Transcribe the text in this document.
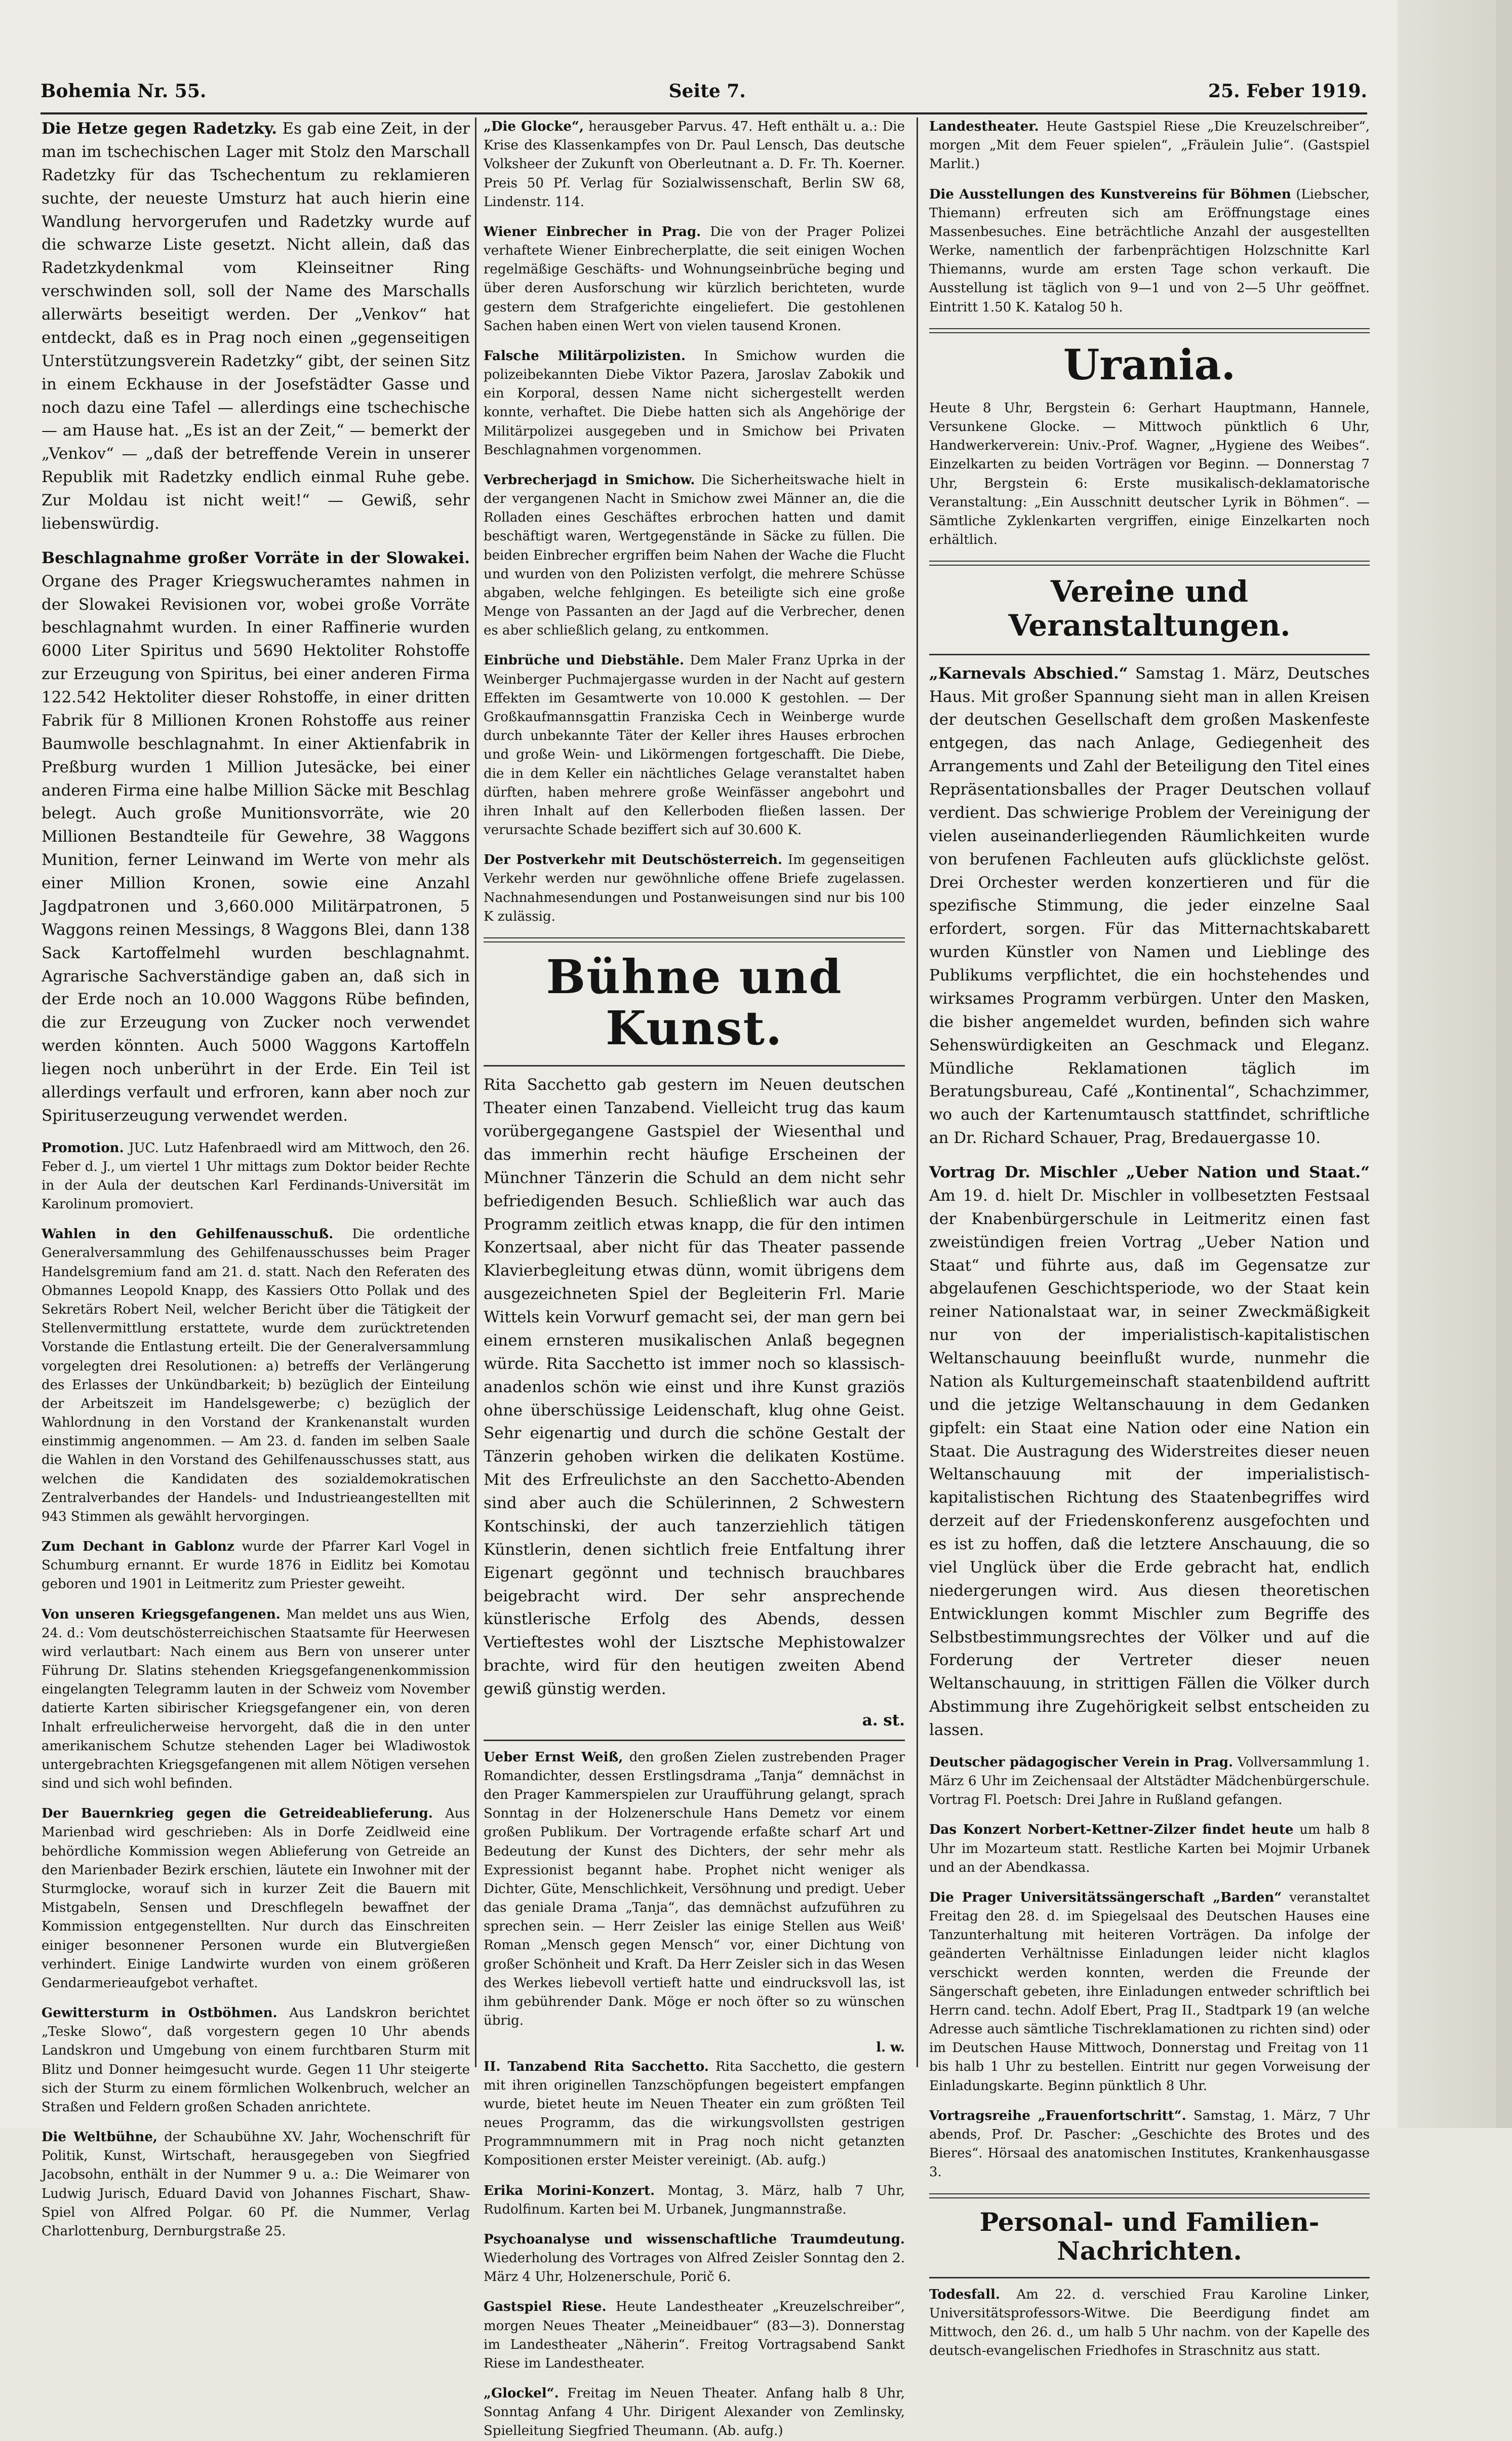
Bohemia Nr. 55.	Seite 7.	25. Feber 1919.

Die Hetze gegen Radetzky. Es gab eine Zeit, in der man im tschechischen Lager mit Stolz den Marschall Radetzky für das Tschechentum zu reklamieren suchte, der neueste Umsturz hat auch hierin eine Wandlung hervorgerufen und Radetzky wurde auf die schwarze Liste gesetzt. Nicht allein, daß das Radetzkydenkmal vom Kleinseitner Ring verschwinden soll, soll der Name des Marschalls allerwärts beseitigt werden. Der „Venkov“ hat entdeckt, daß es in Prag noch einen „gegenseitigen Unterstützungsverein Radetzky“ gibt, der seinen Sitz in einem Eckhause in der Josefstädter Gasse und noch dazu eine Tafel — allerdings eine tschechische — am Hause hat. „Es ist an der Zeit,“ — bemerkt der „Venkov“ — „daß der betreffende Verein in unserer Republik mit Radetzky endlich einmal Ruhe gebe. Zur Moldau ist nicht weit!“ — Gewiß, sehr liebenswürdig.

Beschlagnahme großer Vorräte in der Slowakei. Organe des Prager Kriegswucheramtes nahmen in der Slowakei Revisionen vor, wobei große Vorräte beschlagnahmt wurden. In einer Raffinerie wurden 6000 Liter Spiritus und 5690 Hektoliter Rohstoffe zur Erzeugung von Spiritus, bei einer anderen Firma 122.542 Hektoliter dieser Rohstoffe, in einer dritten Fabrik für 8 Millionen Kronen Rohstoffe aus reiner Baumwolle beschlagnahmt. In einer Aktienfabrik in Preßburg wurden 1 Million Jutesäcke, bei einer anderen Firma eine halbe Million Säcke mit Beschlag belegt. Auch große Munitionsvorräte, wie 20 Millionen Bestandteile für Gewehre, 38 Waggons Munition, ferner Leinwand im Werte von mehr als einer Million Kronen, sowie eine Anzahl Jagdpatronen und 3,660.000 Militärpatronen, 5 Waggons reinen Messings, 8 Waggons Blei, dann 138 Sack Kartoffelmehl wurden beschlagnahmt. Agrarische Sachverständige gaben an, daß sich in der Erde noch an 10.000 Waggons Rübe befinden, die zur Erzeugung von Zucker noch verwendet werden könnten. Auch 5000 Waggons Kartoffeln liegen noch unberührt in der Erde. Ein Teil ist allerdings verfault und erfroren, kann aber noch zur Spirituserzeugung verwendet werden.

Promotion. JUC. Lutz Hafenbraedl wird am Mittwoch, den 26. Feber d. J., um viertel 1 Uhr mittags zum Doktor beider Rechte in der Aula der deutschen Karl Ferdinands-Universität im Karolinum promoviert.

Wahlen in den Gehilfenausschuß. Die ordentliche Generalversammlung des Gehilfenausschusses beim Prager Handelsgremium fand am 21. d. statt. Nach den Referaten des Obmannes Leopold Knapp, des Kassiers Otto Pollak und des Sekretärs Robert Neil, welcher Bericht über die Tätigkeit der Stellenvermittlung erstattete, wurde dem zurücktretenden Vorstande die Entlastung erteilt. Die der Generalversammlung vorgelegten drei Resolutionen: a) betreffs der Verlängerung des Erlasses der Unkündbarkeit; b) bezüglich der Einteilung der Arbeitszeit im Handelsgewerbe; c) bezüglich der Wahlordnung in den Vorstand der Krankenanstalt wurden einstimmig angenommen. — Am 23. d. fanden im selben Saale die Wahlen in den Vorstand des Gehilfenausschusses statt, aus welchen die Kandidaten des sozialdemokratischen Zentralverbandes der Handels- und Industrieangestellten mit 943 Stimmen als gewählt hervorgingen.

Zum Dechant in Gablonz wurde der Pfarrer Karl Vogel in Schumburg ernannt. Er wurde 1876 in Eidlitz bei Komotau geboren und 1901 in Leitmeritz zum Priester geweiht.

Von unseren Kriegsgefangenen. Man meldet uns aus Wien, 24. d.: Vom deutschösterreichischen Staatsamte für Heerwesen wird verlautbart: Nach einem aus Bern von unserer unter Führung Dr. Slatins stehenden Kriegsgefangenenkommission eingelangten Telegramm lauten in der Schweiz vom November datierte Karten sibirischer Kriegsgefangener ein, von deren Inhalt erfreulicherweise hervorgeht, daß die in den unter amerikanischem Schutze stehenden Lager bei Wladiwostok untergebrachten Kriegsgefangenen mit allem Nötigen versehen sind und sich wohl befinden.

Der Bauernkrieg gegen die Getreideablieferung. Aus Marienbad wird geschrieben: Als in Dorfe Zeidlweid eine behördliche Kommission wegen Ablieferung von Getreide an den Marienbader Bezirk erschien, läutete ein Inwohner mit der Sturmglocke, worauf sich in kurzer Zeit die Bauern mit Mistgabeln, Sensen und Dreschflegeln bewaffnet der Kommission entgegenstellten. Nur durch das Einschreiten einiger besonnener Personen wurde ein Blutvergießen verhindert. Einige Landwirte wurden von einem größeren Gendarmerieaufgebot verhaftet.

Gewittersturm in Ostböhmen. Aus Landskron berichtet „Teske Slowo“, daß vorgestern gegen 10 Uhr abends Landskron und Umgebung von einem furchtbaren Sturm mit Blitz und Donner heimgesucht wurde. Gegen 11 Uhr steigerte sich der Sturm zu einem förmlichen Wolkenbruch, welcher an Straßen und Feldern großen Schaden anrichtete.

Die Weltbühne, der Schaubühne XV. Jahr, Wochenschrift für Politik, Kunst, Wirtschaft, herausgegeben von Siegfried Jacobsohn, enthält in der Nummer 9 u. a.: Die Weimarer von Ludwig Jurisch, Eduard David von Johannes Fischart, Shaw-Spiel von Alfred Polgar. 60 Pf. die Nummer, Verlag Charlottenburg, Dernburgstraße 25.

„Die Glocke“, herausgeber Parvus. 47. Heft enthält u. a.: Die Krise des Klassenkampfes von Dr. Paul Lensch, Das deutsche Volksheer der Zukunft von Oberleutnant a. D. Fr. Th. Koerner. Preis 50 Pf. Verlag für Sozialwissenschaft, Berlin SW 68, Lindenstr. 114.

Wiener Einbrecher in Prag. Die von der Prager Polizei verhaftete Wiener Einbrecherplatte, die seit einigen Wochen regelmäßige Geschäfts- und Wohnungseinbrüche beging und über deren Ausforschung wir kürzlich berichteten, wurde gestern dem Strafgerichte eingeliefert. Die gestohlenen Sachen haben einen Wert von vielen tausend Kronen.

Falsche Militärpolizisten. In Smichow wurden die polizeibekannten Diebe Viktor Pazera, Jaroslav Zabokik und ein Korporal, dessen Name nicht sichergestellt werden konnte, verhaftet. Die Diebe hatten sich als Angehörige der Militärpolizei ausgegeben und in Smichow bei Privaten Beschlagnahmen vorgenommen.

Verbrecherjagd in Smichow. Die Sicherheitswache hielt in der vergangenen Nacht in Smichow zwei Männer an, die die Rolladen eines Geschäftes erbrochen hatten und damit beschäftigt waren, Wertgegenstände in Säcke zu füllen. Die beiden Einbrecher ergriffen beim Nahen der Wache die Flucht und wurden von den Polizisten verfolgt, die mehrere Schüsse abgaben, welche fehlgingen. Es beteiligte sich eine große Menge von Passanten an der Jagd auf die Verbrecher, denen es aber schließlich gelang, zu entkommen.

Einbrüche und Diebstähle. Dem Maler Franz Uprka in der Weinberger Puchmajergasse wurden in der Nacht auf gestern Effekten im Gesamtwerte von 10.000 K gestohlen. — Der Großkaufmannsgattin Franziska Cech in Weinberge wurde durch unbekannte Täter der Keller ihres Hauses erbrochen und große Wein- und Likörmengen fortgeschafft. Die Diebe, die in dem Keller ein nächtliches Gelage veranstaltet haben dürften, haben mehrere große Weinfässer angebohrt und ihren Inhalt auf den Kellerboden fließen lassen. Der verursachte Schade beziffert sich auf 30.600 K.

Der Postverkehr mit Deutschösterreich. Im gegenseitigen Verkehr werden nur gewöhnliche offene Briefe zugelassen. Nachnahmesendungen und Postanweisungen sind nur bis 100 K zulässig.

Bühne und Kunst.

Rita Sacchetto gab gestern im Neuen deutschen Theater einen Tanzabend. Vielleicht trug das kaum vorübergegangene Gastspiel der Wiesenthal und das immerhin recht häufige Erscheinen der Münchner Tänzerin die Schuld an dem nicht sehr befriedigenden Besuch. Schließlich war auch das Programm zeitlich etwas knapp, die für den intimen Konzertsaal, aber nicht für das Theater passende Klavierbegleitung etwas dünn, womit übrigens dem ausgezeichneten Spiel der Begleiterin Frl. Marie Wittels kein Vorwurf gemacht sei, der man gern bei einem ernsteren musikalischen Anlaß begegnen würde. Rita Sacchetto ist immer noch so klassisch-anadenlos schön wie einst und ihre Kunst graziös ohne überschüssige Leidenschaft, klug ohne Geist. Sehr eigenartig und durch die schöne Gestalt der Tänzerin gehoben wirken die delikaten Kostüme. Mit des Erfreulichste an den Sacchetto-Abenden sind aber auch die Schülerinnen, 2 Schwestern Kontschinski, der auch tanzerziehlich tätigen Künstlerin, denen sichtlich freie Entfaltung ihrer Eigenart gegönnt und technisch brauchbares beigebracht wird. Der sehr ansprechende künstlerische Erfolg des Abends, dessen Vertieftestes wohl der Lisztsche Mephistowalzer brachte, wird für den heutigen zweiten Abend gewiß günstig werden.

a. st.

Ueber Ernst Weiß, den großen Zielen zustrebenden Prager Romandichter, dessen Erstlingsdrama „Tanja“ demnächst in den Prager Kammerspielen zur Uraufführung gelangt, sprach Sonntag in der Holzenerschule Hans Demetz vor einem großen Publikum. Der Vortragende erfaßte scharf Art und Bedeutung der Kunst des Dichters, der sehr mehr als Expressionist begannt habe. Prophet nicht weniger als Dichter, Güte, Menschlichkeit, Versöhnung und predigt. Ueber das geniale Drama „Tanja“, das demnächst aufzuführen zu sprechen sein. — Herr Zeisler las einige Stellen aus Weiß' Roman „Mensch gegen Mensch“ vor, einer Dichtung von großer Schönheit und Kraft. Da Herr Zeisler sich in das Wesen des Werkes liebevoll vertieft hatte und eindrucksvoll las, ist ihm gebührender Dank. Möge er noch öfter so zu wünschen übrig.

l. w.

II. Tanzabend Rita Sacchetto. Rita Sacchetto, die gestern mit ihren originellen Tanzschöpfungen begeistert empfangen wurde, bietet heute im Neuen Theater ein zum größten Teil neues Programm, das die wirkungsvollsten gestrigen Programmnummern mit in Prag noch nicht getanzten Kompositionen erster Meister vereinigt. (Ab. aufg.)

Erika Morini-Konzert. Montag, 3. März, halb 7 Uhr, Rudolfinum. Karten bei M. Urbanek, Jungmannstraße.

Psychoanalyse und wissenschaftliche Traumdeutung. Wiederholung des Vortrages von Alfred Zeisler Sonntag den 2. März 4 Uhr, Holzenerschule, Porič 6.

Gastspiel Riese. Heute Landestheater „Kreuzelschreiber“, morgen Neues Theater „Meineidbauer“ (83—3). Donnerstag im Landestheater „Näherin“. Freitog Vortragsabend Sankt Riese im Landestheater.

„Glockel“. Freitag im Neuen Theater. Anfang halb 8 Uhr, Sonntag Anfang 4 Uhr. Dirigent Alexander von Zemlinsky, Spielleitung Siegfried Theumann. (Ab. aufg.)

Landestheater. Heute Gastspiel Riese „Die Kreuzelschreiber“, morgen „Mit dem Feuer spielen“, „Fräulein Julie“. (Gastspiel Marlit.)

Die Ausstellungen des Kunstvereins für Böhmen (Liebscher, Thiemann) erfreuten sich am Eröffnungstage eines Massenbesuches. Eine beträchtliche Anzahl der ausgestellten Werke, namentlich der farbenprächtigen Holzschnitte Karl Thiemanns, wurde am ersten Tage schon verkauft. Die Ausstellung ist täglich von 9—1 und von 2—5 Uhr geöffnet. Eintritt 1.50 K. Katalog 50 h.

Urania.

Heute 8 Uhr, Bergstein 6: Gerhart Hauptmann, Hannele, Versunkene Glocke. — Mittwoch pünktlich 6 Uhr, Handwerkerverein: Univ.-Prof. Wagner, „Hygiene des Weibes“. Einzelkarten zu beiden Vorträgen vor Beginn. — Donnerstag 7 Uhr, Bergstein 6: Erste musikalisch-deklamatorische Veranstaltung: „Ein Ausschnitt deutscher Lyrik in Böhmen“. — Sämtliche Zyklenkarten vergriffen, einige Einzelkarten noch erhältlich.

Vereine und Veranstaltungen.

„Karnevals Abschied.“ Samstag 1. März, Deutsches Haus. Mit großer Spannung sieht man in allen Kreisen der deutschen Gesellschaft dem großen Maskenfeste entgegen, das nach Anlage, Gediegenheit des Arrangements und Zahl der Beteiligung den Titel eines Repräsentationsballes der Prager Deutschen vollauf verdient. Das schwierige Problem der Vereinigung der vielen auseinanderliegenden Räumlichkeiten wurde von berufenen Fachleuten aufs glücklichste gelöst. Drei Orchester werden konzertieren und für die spezifische Stimmung, die jeder einzelne Saal erfordert, sorgen. Für das Mitternachtskabarett wurden Künstler von Namen und Lieblinge des Publikums verpflichtet, die ein hochstehendes und wirksames Programm verbürgen. Unter den Masken, die bisher angemeldet wurden, befinden sich wahre Sehenswürdigkeiten an Geschmack und Eleganz. Mündliche Reklamationen täglich im Beratungsbureau, Café „Kontinental“, Schachzimmer, wo auch der Kartenumtausch stattfindet, schriftliche an Dr. Richard Schauer, Prag, Bredauergasse 10.

Vortrag Dr. Mischler „Ueber Nation und Staat.“ Am 19. d. hielt Dr. Mischler in vollbesetzten Festsaal der Knabenbürgerschule in Leitmeritz einen fast zweistündigen freien Vortrag „Ueber Nation und Staat“ und führte aus, daß im Gegensatze zur abgelaufenen Geschichtsperiode, wo der Staat kein reiner Nationalstaat war, in seiner Zweckmäßigkeit nur von der imperialistisch-kapitalistischen Weltanschauung beeinflußt wurde, nunmehr die Nation als Kulturgemeinschaft staatenbildend auftritt und die jetzige Weltanschauung in dem Gedanken gipfelt: ein Staat eine Nation oder eine Nation ein Staat. Die Austragung des Widerstreites dieser neuen Weltanschauung mit der imperialistisch-kapitalistischen Richtung des Staatenbegriffes wird derzeit auf der Friedenskonferenz ausgefochten und es ist zu hoffen, daß die letztere Anschauung, die so viel Unglück über die Erde gebracht hat, endlich niedergerungen wird. Aus diesen theoretischen Entwicklungen kommt Mischler zum Begriffe des Selbstbestimmungsrechtes der Völker und auf die Forderung der Vertreter dieser neuen Weltanschauung, in strittigen Fällen die Völker durch Abstimmung ihre Zugehörigkeit selbst entscheiden zu lassen.

Deutscher pädagogischer Verein in Prag. Vollversammlung 1. März 6 Uhr im Zeichensaal der Altstädter Mädchenbürgerschule. Vortrag Fl. Poetsch: Drei Jahre in Rußland gefangen.

Das Konzert Norbert-Kettner-Zilzer findet heute um halb 8 Uhr im Mozarteum statt. Restliche Karten bei Mojmir Urbanek und an der Abendkassa.

Die Prager Universitätssängerschaft „Barden“ veranstaltet Freitag den 28. d. im Spiegelsaal des Deutschen Hauses eine Tanzunterhaltung mit heiteren Vorträgen. Da infolge der geänderten Verhältnisse Einladungen leider nicht klaglos verschickt werden konnten, werden die Freunde der Sängerschaft gebeten, ihre Einladungen entweder schriftlich bei Herrn cand. techn. Adolf Ebert, Prag II., Stadtpark 19 (an welche Adresse auch sämtliche Tischreklamationen zu richten sind) oder im Deutschen Hause Mittwoch, Donnerstag und Freitag von 11 bis halb 1 Uhr zu bestellen. Eintritt nur gegen Vorweisung der Einladungskarte. Beginn pünktlich 8 Uhr.

Vortragsreihe „Frauenfortschritt“. Samstag, 1. März, 7 Uhr abends, Prof. Dr. Pascher: „Geschichte des Brotes und des Bieres“. Hörsaal des anatomischen Institutes, Krankenhausgasse 3.

Personal- und Familien-Nachrichten.

Todesfall. Am 22. d. verschied Frau Karoline Linker, Universitätsprofessors-Witwe. Die Beerdigung findet am Mittwoch, den 26. d., um halb 5 Uhr nachm. von der Kapelle des deutsch-evangelischen Friedhofes in Straschnitz aus statt.
